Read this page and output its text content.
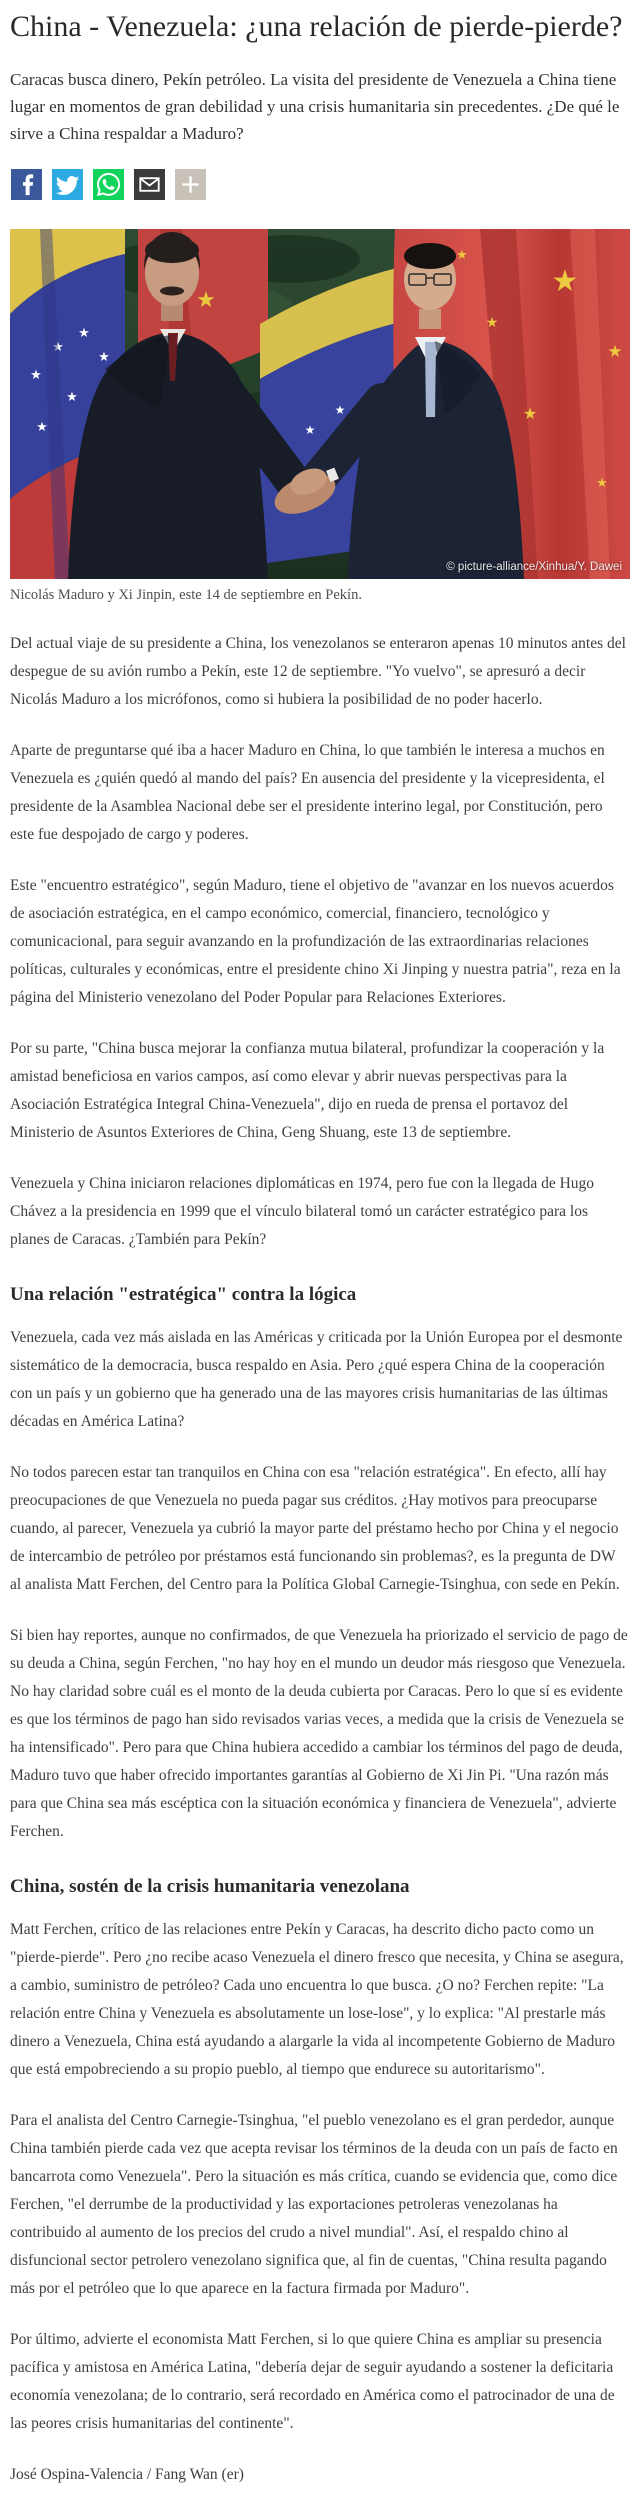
China - Venezuela: ¿una relación de pierde-pierde?

Caracas busca dinero, Pekín petróleo. La visita del presidente de Venezuela a China tiene lugar en momentos de gran debilidad y una crisis humanitaria sin precedentes. ¿De qué le sirve a China respaldar a Maduro?

★
★
★
★
★
★
★	★
★
★
★
★
★
★
★
© picture-alliance/Xinhua/Y. Dawei
Nicolás Maduro y Xi Jinpin, este 14 de septiembre en Pekín.

Del actual viaje de su presidente a China, los venezolanos se enteraron apenas 10 minutos antes del despegue de su avión rumbo a Pekín, este 12 de septiembre. "Yo vuelvo", se apresuró a decir Nicolás Maduro a los micrófonos, como si hubiera la posibilidad de no poder hacerlo.

Aparte de preguntarse qué iba a hacer Maduro en China, lo que también le interesa a muchos en Venezuela es ¿quién quedó al mando del país? En ausencia del presidente y la vicepresidenta, el presidente de la Asamblea Nacional debe ser el presidente interino legal, por Constitución, pero este fue despojado de cargo y poderes.

Este "encuentro estratégico", según Maduro, tiene el objetivo de "avanzar en los nuevos acuerdos de asociación estratégica, en el campo económico, comercial, financiero, tecnológico y comunicacional, para seguir avanzando en la profundización de las extraordinarias relaciones políticas, culturales y económicas, entre el presidente chino Xi Jinping y nuestra patria", reza en la página del Ministerio venezolano del Poder Popular para Relaciones Exteriores.

Por su parte, "China busca mejorar la confianza mutua bilateral, profundizar la cooperación y la amistad beneficiosa en varios campos, así como elevar y abrir nuevas perspectivas para la Asociación Estratégica Integral China-Venezuela", dijo en rueda de prensa el portavoz del Ministerio de Asuntos Exteriores de China, Geng Shuang, este 13 de septiembre.

Venezuela y China iniciaron relaciones diplomáticas en 1974, pero fue con la llegada de Hugo Chávez a la presidencia en 1999 que el vínculo bilateral tomó un carácter estratégico para los planes de Caracas. ¿También para Pekín?

Una relación "estratégica" contra la lógica

Venezuela, cada vez más aislada en las Américas y criticada por la Unión Europea por el desmonte sistemático de la democracia, busca respaldo en Asia. Pero ¿qué espera China de la cooperación con un país y un gobierno que ha generado una de las mayores crisis humanitarias de las últimas décadas en América Latina?

No todos parecen estar tan tranquilos en China con esa "relación estratégica". En efecto, allí hay preocupaciones de que Venezuela no pueda pagar sus créditos. ¿Hay motivos para preocuparse cuando, al parecer, Venezuela ya cubrió la mayor parte del préstamo hecho por China y el negocio de intercambio de petróleo por préstamos está funcionando sin problemas?, es la pregunta de DW al analista Matt Ferchen, del Centro para la Política Global Carnegie-Tsinghua, con sede en Pekín.

Si bien hay reportes, aunque no confirmados, de que Venezuela ha priorizado el servicio de pago de su deuda a China, según Ferchen, "no hay hoy en el mundo un deudor más riesgoso que Venezuela. No hay claridad sobre cuál es el monto de la deuda cubierta por Caracas. Pero lo que sí es evidente es que los términos de pago han sido revisados varias veces, a medida que la crisis de Venezuela se ha intensificado". Pero para que China hubiera accedido a cambiar los términos del pago de deuda, Maduro tuvo que haber ofrecido importantes garantías al Gobierno de Xi Jin Pi. "Una razón más para que China sea más escéptica con la situación económica y financiera de Venezuela", advierte Ferchen.

China, sostén de la crisis humanitaria venezolana

Matt Ferchen, crítico de las relaciones entre Pekín y Caracas, ha descrito dicho pacto como un "pierde-pierde". Pero ¿no recibe acaso Venezuela el dinero fresco que necesita, y China se asegura, a cambio, suministro de petróleo? Cada uno encuentra lo que busca. ¿O no? Ferchen repite: "La relación entre China y Venezuela es absolutamente un lose-lose", y lo explica: "Al prestarle más dinero a Venezuela, China está ayudando a alargarle la vida al incompetente Gobierno de Maduro que está empobreciendo a su propio pueblo, al tiempo que endurece su autoritarismo".

Para el analista del Centro Carnegie-Tsinghua, "el pueblo venezolano es el gran perdedor, aunque China también pierde cada vez que acepta revisar los términos de la deuda con un país de facto en bancarrota como Venezuela". Pero la situación es más crítica, cuando se evidencia que, como dice Ferchen, "el derrumbe de la productividad y las exportaciones petroleras venezolanas ha contribuido al aumento de los precios del crudo a nivel mundial". Así, el respaldo chino al disfuncional sector petrolero venezolano significa que, al fin de cuentas, "China resulta pagando más por el petróleo que lo que aparece en la factura firmada por Maduro".

Por último, advierte el economista Matt Ferchen, si lo que quiere China es ampliar su presencia pacífica y amistosa en América Latina, "debería dejar de seguir ayudando a sostener la deficitaria economía venezolana; de lo contrario, será recordado en América como el patrocinador de una de las peores crisis humanitarias del continente".

José Ospina-Valencia / Fang Wan (er)
